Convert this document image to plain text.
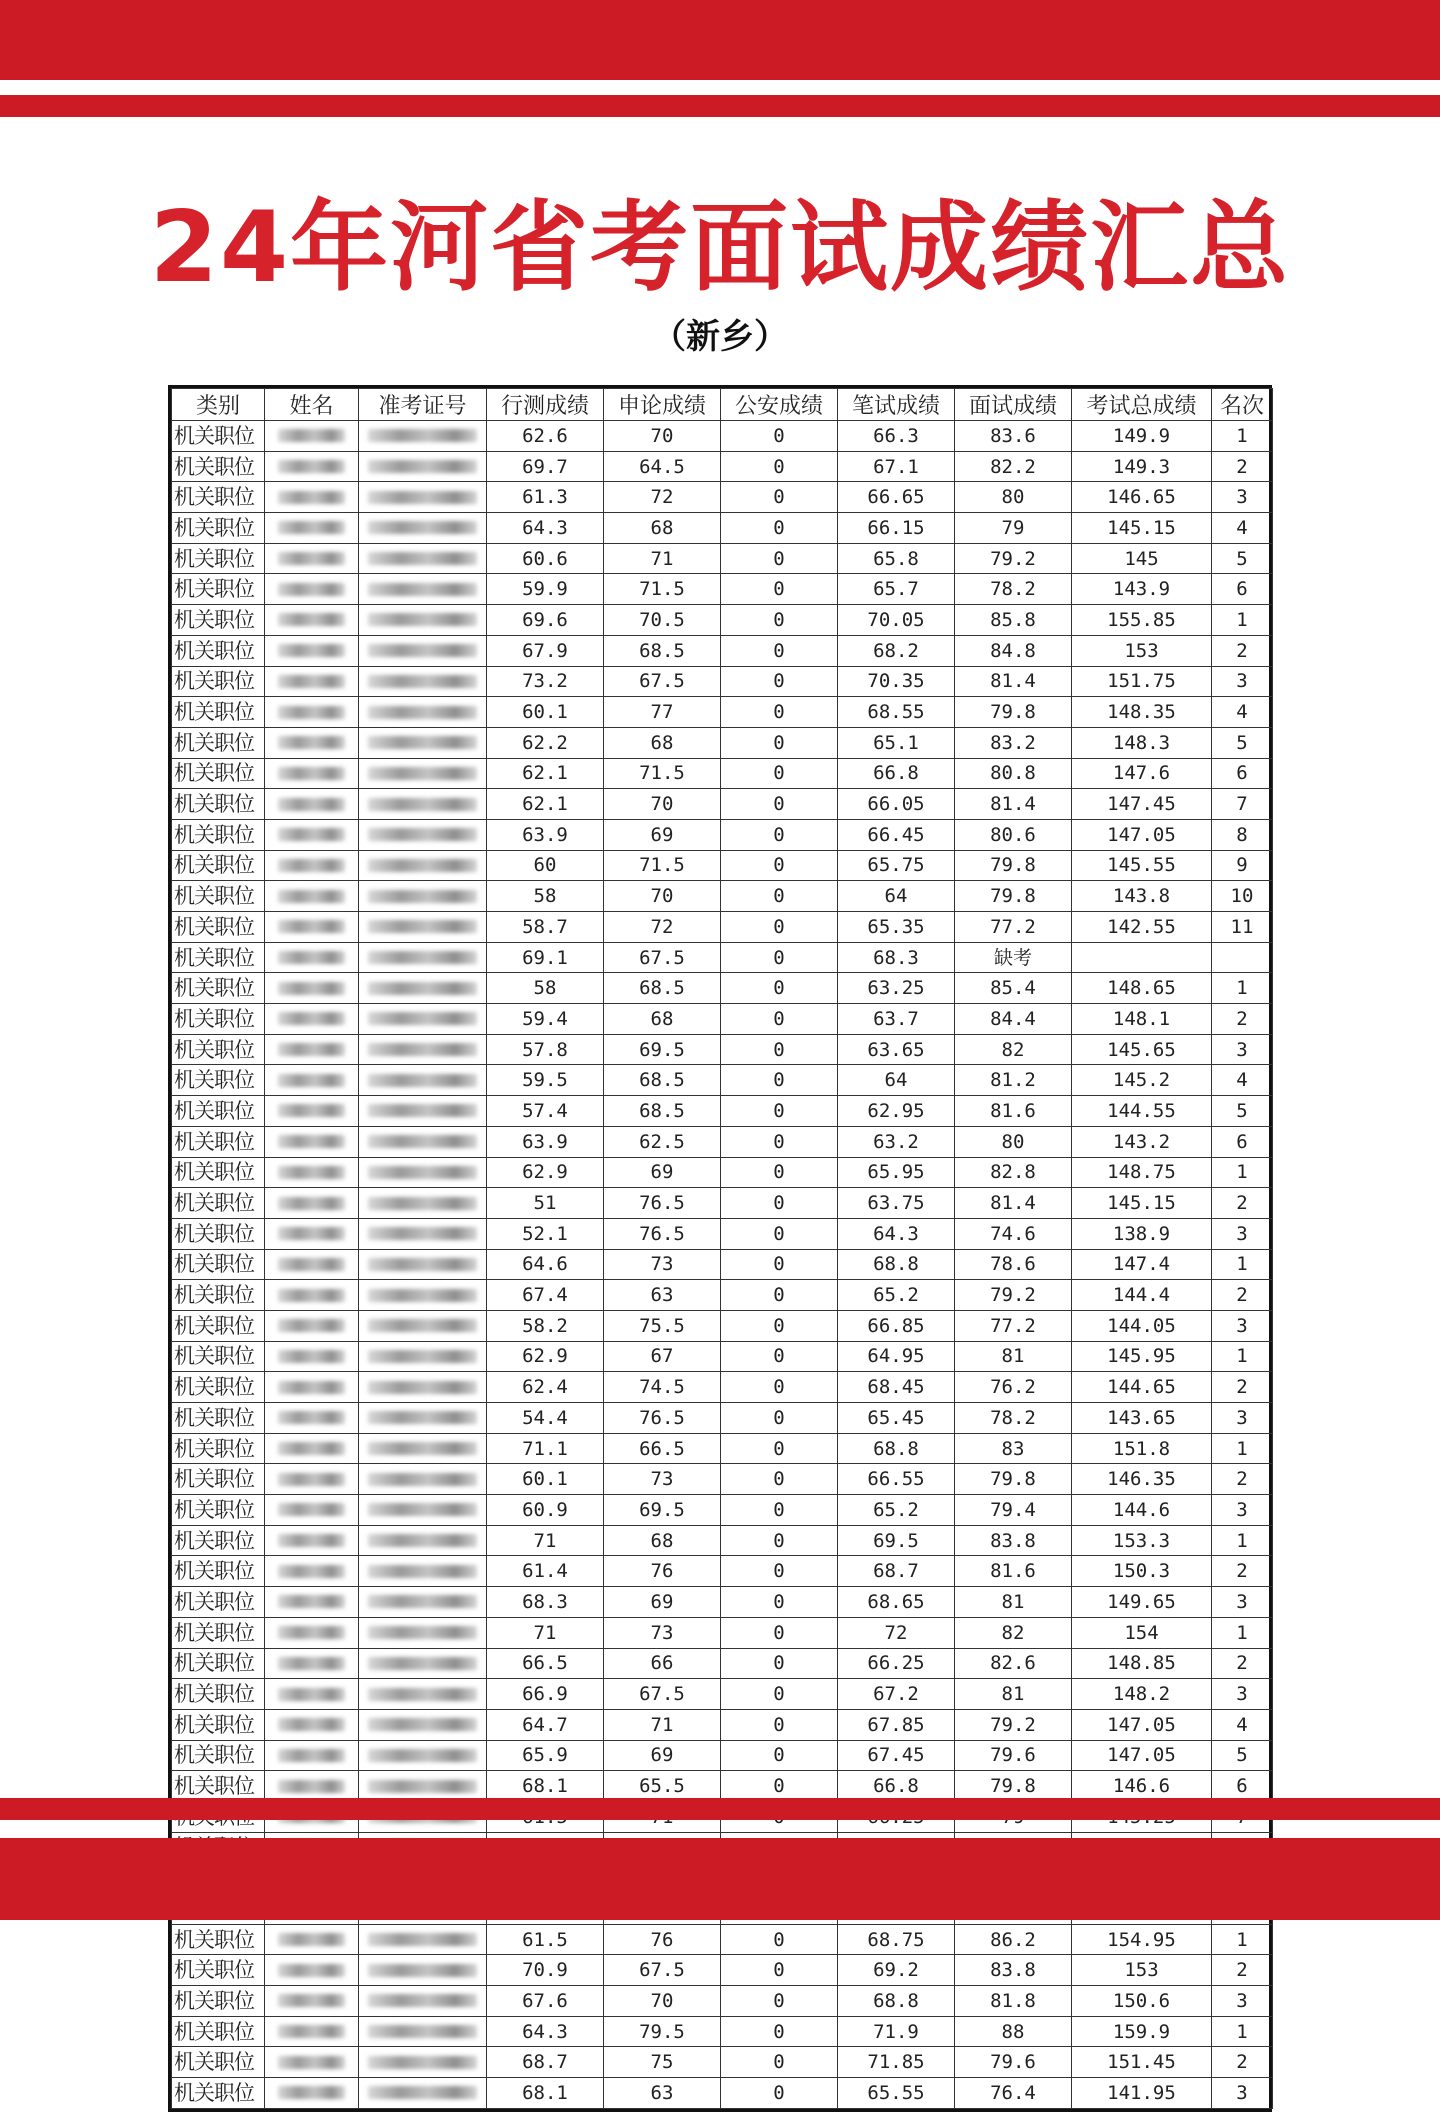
24年河省考面试成绩汇总
（新乡）
类别	姓名	准考证号	行测成绩	申论成绩	公安成绩	笔试成绩	面试成绩	考试总成绩	名次
机关职位			62.6	70	0	66.3	83.6	149.9	1
机关职位			69.7	64.5	0	67.1	82.2	149.3	2
机关职位			61.3	72	0	66.65	80	146.65	3
机关职位			64.3	68	0	66.15	79	145.15	4
机关职位			60.6	71	0	65.8	79.2	145	5
机关职位			59.9	71.5	0	65.7	78.2	143.9	6
机关职位			69.6	70.5	0	70.05	85.8	155.85	1
机关职位			67.9	68.5	0	68.2	84.8	153	2
机关职位			73.2	67.5	0	70.35	81.4	151.75	3
机关职位			60.1	77	0	68.55	79.8	148.35	4
机关职位			62.2	68	0	65.1	83.2	148.3	5
机关职位			62.1	71.5	0	66.8	80.8	147.6	6
机关职位			62.1	70	0	66.05	81.4	147.45	7
机关职位			63.9	69	0	66.45	80.6	147.05	8
机关职位			60	71.5	0	65.75	79.8	145.55	9
机关职位			58	70	0	64	79.8	143.8	10
机关职位			58.7	72	0	65.35	77.2	142.55	11
机关职位			69.1	67.5	0	68.3	缺考		
机关职位			58	68.5	0	63.25	85.4	148.65	1
机关职位			59.4	68	0	63.7	84.4	148.1	2
机关职位			57.8	69.5	0	63.65	82	145.65	3
机关职位			59.5	68.5	0	64	81.2	145.2	4
机关职位			57.4	68.5	0	62.95	81.6	144.55	5
机关职位			63.9	62.5	0	63.2	80	143.2	6
机关职位			62.9	69	0	65.95	82.8	148.75	1
机关职位			51	76.5	0	63.75	81.4	145.15	2
机关职位			52.1	76.5	0	64.3	74.6	138.9	3
机关职位			64.6	73	0	68.8	78.6	147.4	1
机关职位			67.4	63	0	65.2	79.2	144.4	2
机关职位			58.2	75.5	0	66.85	77.2	144.05	3
机关职位			62.9	67	0	64.95	81	145.95	1
机关职位			62.4	74.5	0	68.45	76.2	144.65	2
机关职位			54.4	76.5	0	65.45	78.2	143.65	3
机关职位			71.1	66.5	0	68.8	83	151.8	1
机关职位			60.1	73	0	66.55	79.8	146.35	2
机关职位			60.9	69.5	0	65.2	79.4	144.6	3
机关职位			71	68	0	69.5	83.8	153.3	1
机关职位			61.4	76	0	68.7	81.6	150.3	2
机关职位			68.3	69	0	68.65	81	149.65	3
机关职位			71	73	0	72	82	154	1
机关职位			66.5	66	0	66.25	82.6	148.85	2
机关职位			66.9	67.5	0	67.2	81	148.2	3
机关职位			64.7	71	0	67.85	79.2	147.05	4
机关职位			65.9	69	0	67.45	79.6	147.05	5
机关职位			68.1	65.5	0	66.8	79.8	146.6	6

机关职位			61.5	76	0	68.75	86.2	154.95	1
机关职位			70.9	67.5	0	69.2	83.8	153	2
机关职位			67.6	70	0	68.8	81.8	150.6	3
机关职位			64.3	79.5	0	71.9	88	159.9	1
机关职位			68.7	75	0	71.85	79.6	151.45	2
机关职位			68.1	63	0	65.55	76.4	141.95	3
